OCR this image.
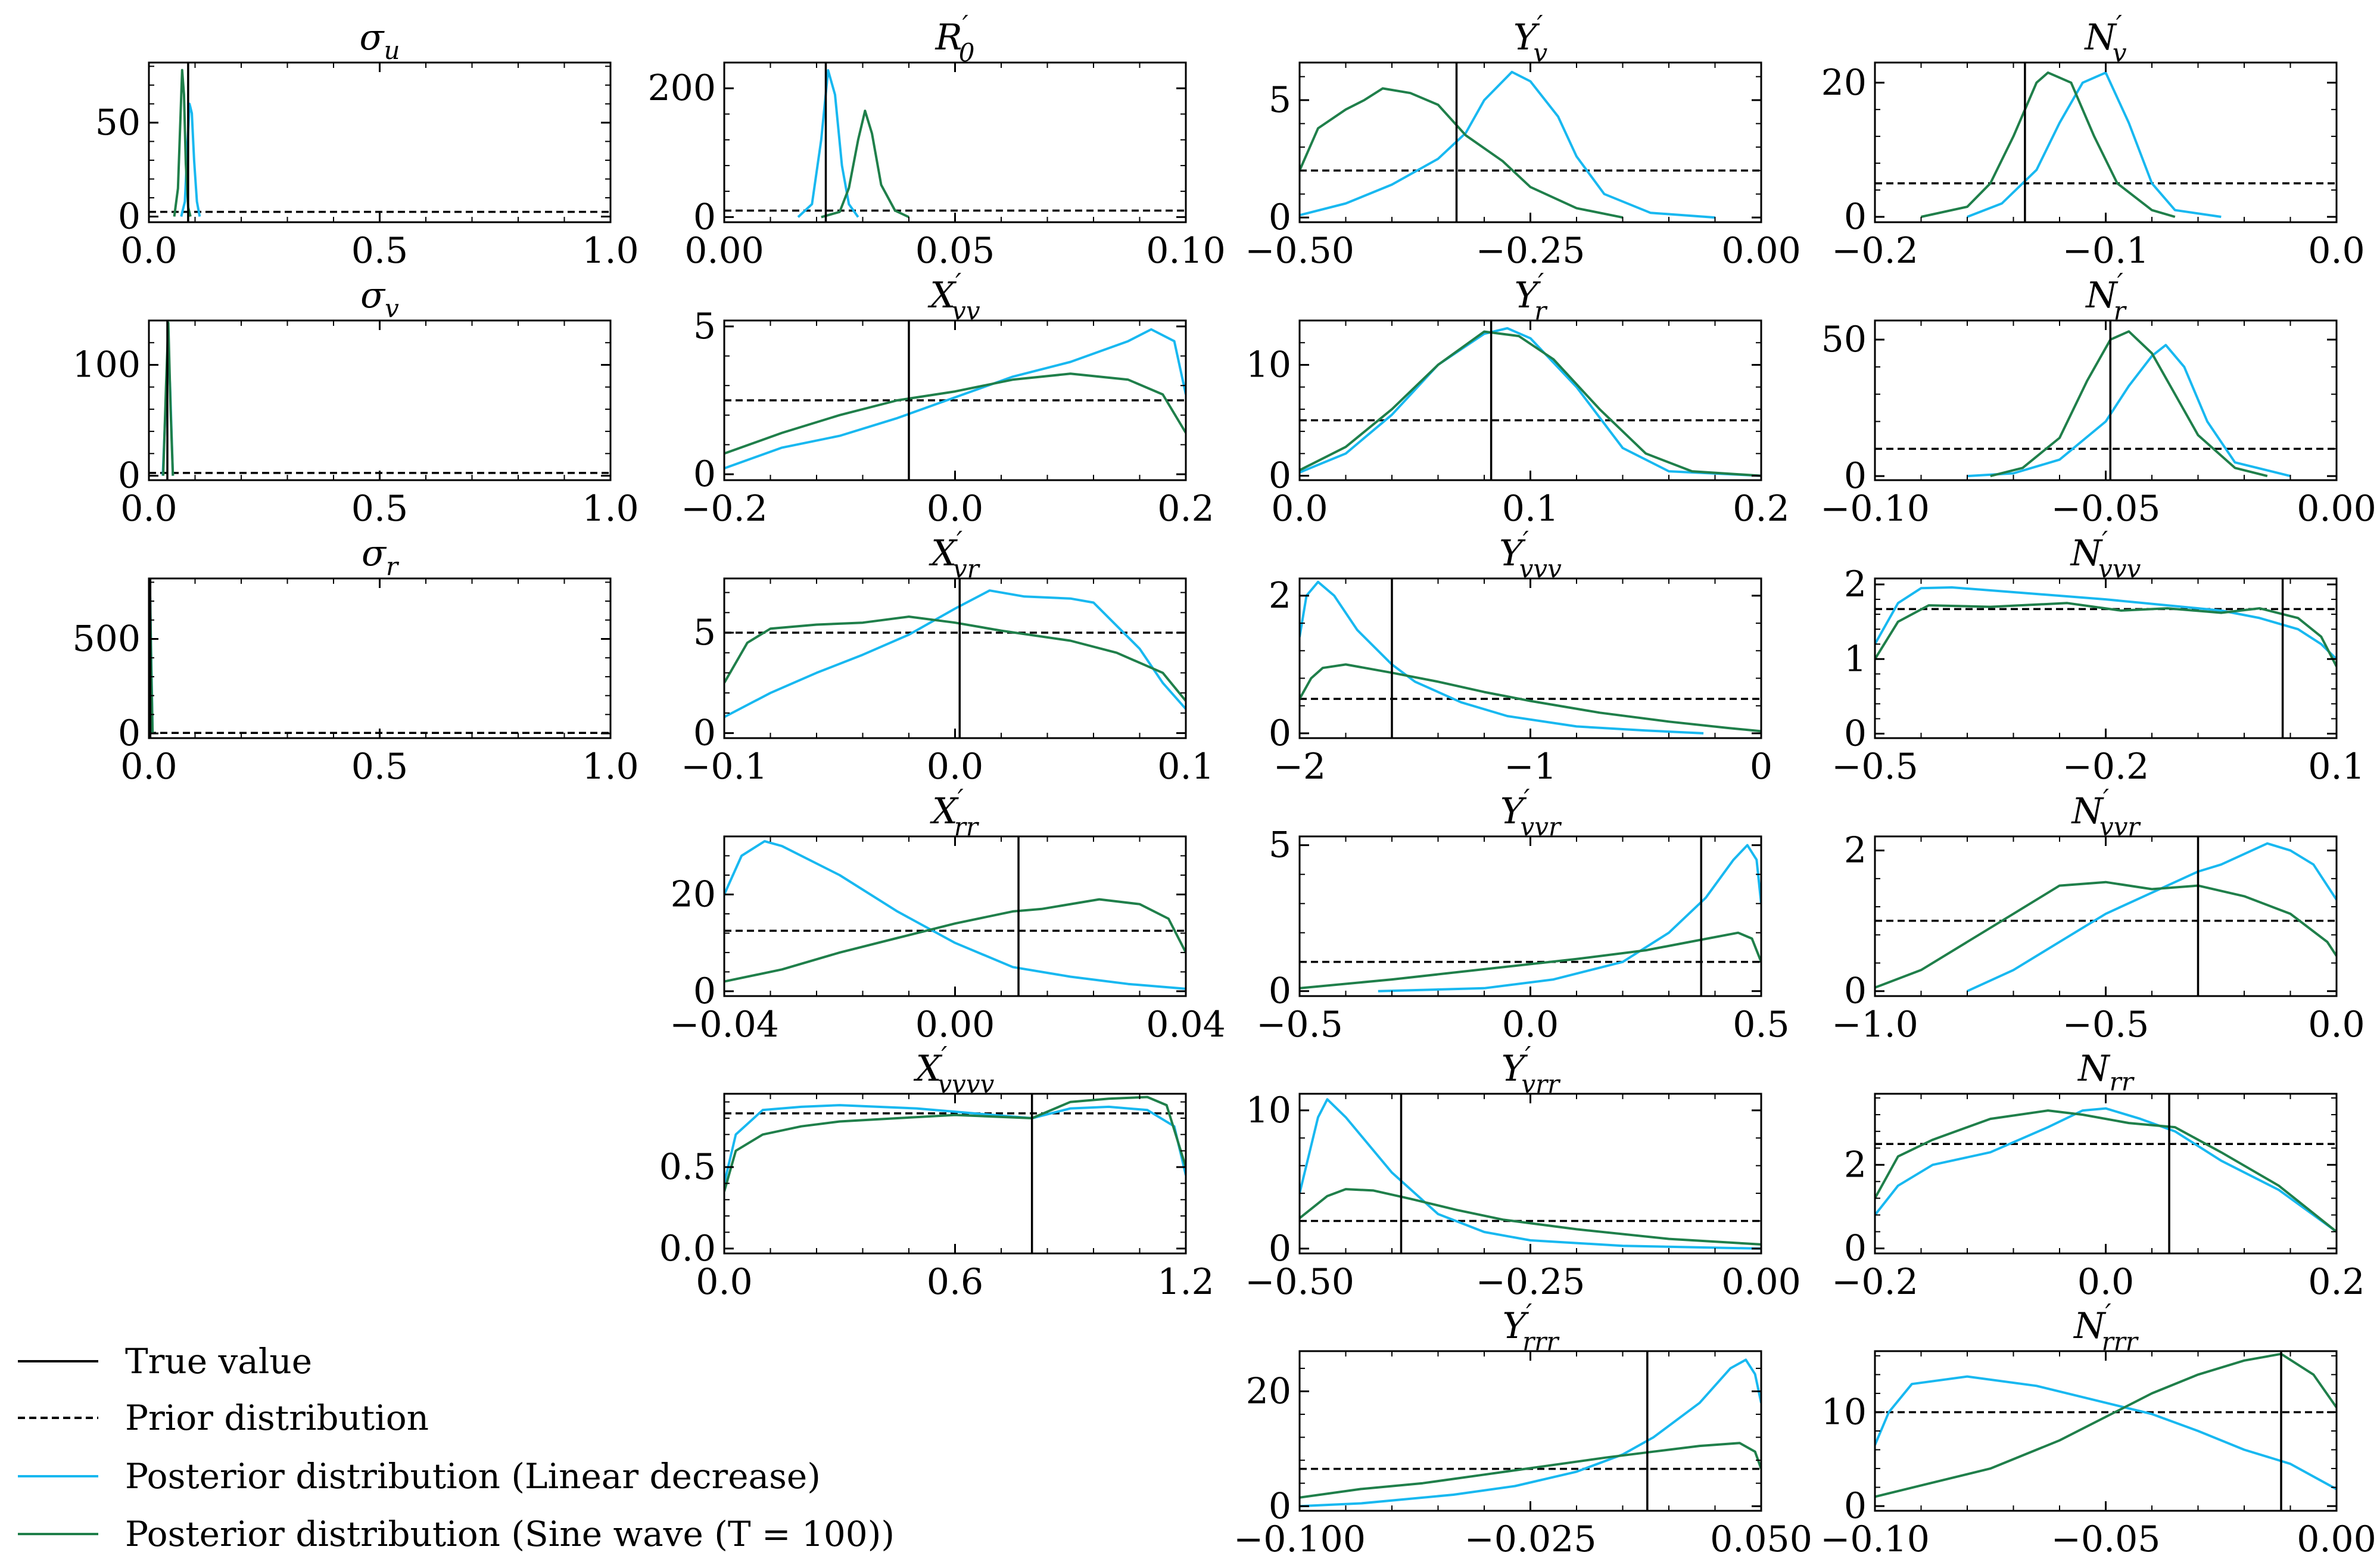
$\sigma_u$
0.0	0.5	1.0
0
50
R′ 0
0.00	0.05	0.10
0
200
Y′ v
−0.50	−0.25	0.00
0
5
N′ v
−0.2	−0.1	0.0
0
20
$\sigma_v$
0.0	0.5	1.0
0
100
X′ vv
−0.2	0.0	0.2
0
5
Y′ r
0.0	0.1	0.2
0
10
N′ r
−0.10	−0.05	0.00
0
50
$\sigma_r$
0.0	0.5	1.0
0
500
X′ vr
−0.1	0.0	0.1
0
5
Y′ vvv
−2	−1	0
0
2
N′ vvv
−0.5	−0.2	0.1
0
1
2
X′ rr
−0.04	0.00	0.04
0
20
Y′ vvr
−0.5	0.0	0.5
0
5
N′ vvr
−1.0	−0.5	0.0
0
2
X′ vvvv
0.0	0.6	1.2
0.0
0.5
Y′ vrr
−0.50	−0.25	0.00
0
10
$N_{rr}$
−0.2	0.0	0.2
0
2
Y′ rrr
−0.100	−0.025	0.050
0
20
N′ rrr
−0.10	−0.05	0.00
0
10
True value
Prior distribution
Posterior distribution (Linear decrease)
Posterior distribution (Sine wave (T = 100))
